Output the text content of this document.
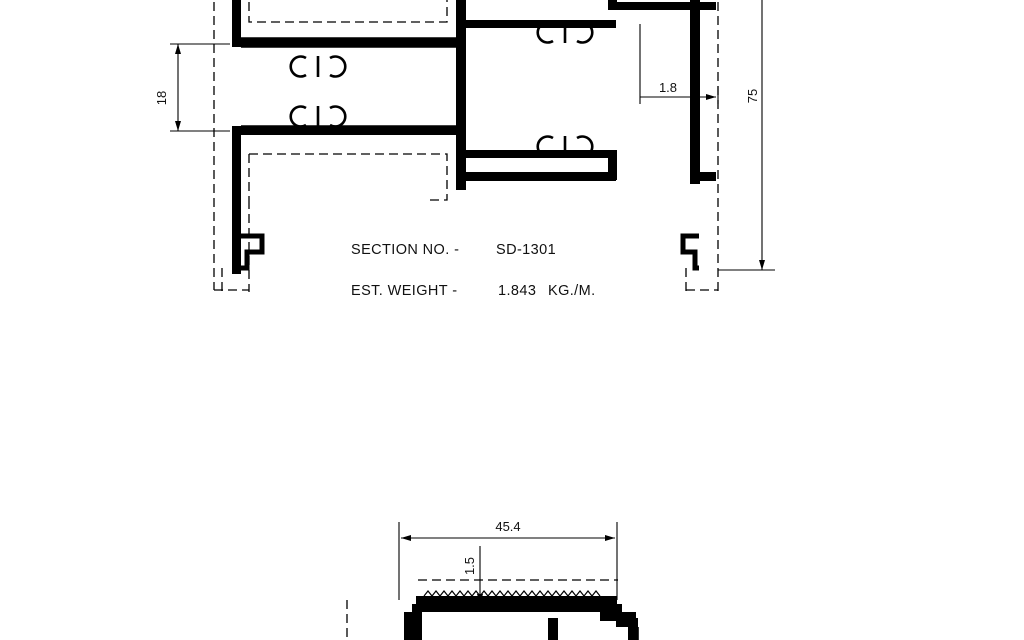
18
1.8
75
SECTION NO. -	SD-1301
EST. WEIGHT -	1.843 KG./M.
45.4
1.5
